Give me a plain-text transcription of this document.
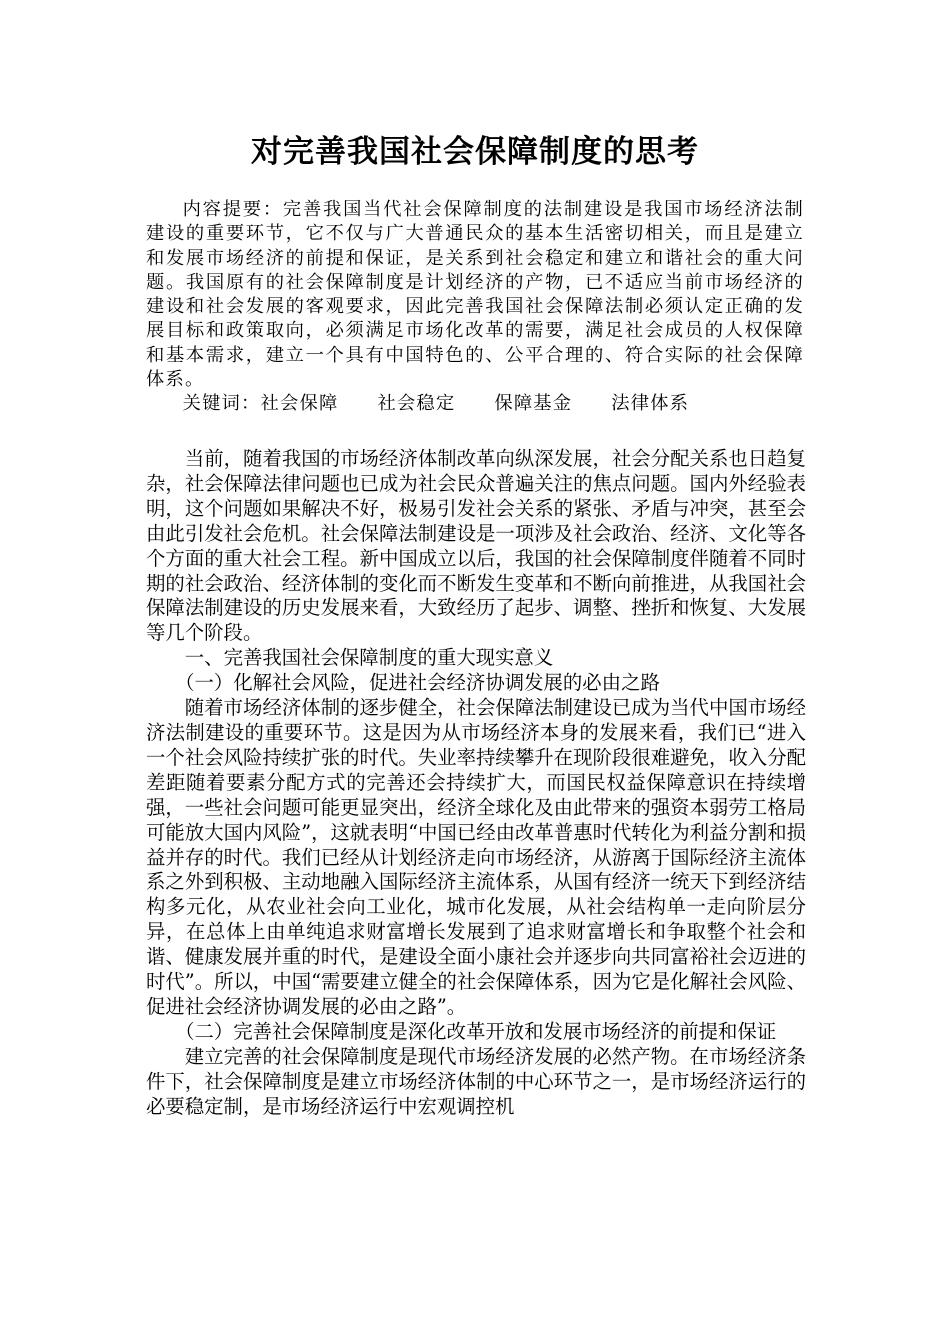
对完善我国社会保障制度的思考

内容提要：完善我国当代社会保障制度的法制建设是我国市场经济法制建设的重要环节，它不仅与广大普通民众的基本生活密切相关，而且是建立和发展市场经济的前提和保证，是关系到社会稳定和建立和谐社会的重大问题。我国原有的社会保障制度是计划经济的产物，已不适应当前市场经济的建设和社会发展的客观要求，因此完善我国社会保障法制必须认定正确的发展目标和政策取向，必须满足市场化改革的需要，满足社会成员的人权保障和基本需求，建立一个具有中国特色的、公平合理的、符合实际的社会保障体系。

关键词：社会保障　　 社会稳定　　 保障基金　　 法律体系

当前，随着我国的市场经济体制改革向纵深发展，社会分配关系也日趋复杂，社会保障法律问题也已成为社会民众普遍关注的焦点问题。国内外经验表明，这个问题如果解决不好，极易引发社会关系的紧张、矛盾与冲突，甚至会由此引发社会危机。社会保障法制建设是一项涉及社会政治、经济、文化等各个方面的重大社会工程。新中国成立以后，我国的社会保障制度伴随着不同时期的社会政治、经济体制的变化而不断发生变革和不断向前推进，从我国社会保障法制建设的历史发展来看，大致经历了起步、调整、挫折和恢复、大发展等几个阶段。

一、完善我国社会保障制度的重大现实意义

（一）化解社会风险，促进社会经济协调发展的必由之路

随着市场经济体制的逐步健全，社会保障法制建设已成为当代中国市场经济法制建设的重要环节。这是因为从市场经济本身的发展来看，我们已“进入一个社会风险持续扩张的时代。失业率持续攀升在现阶段很难避免，收入分配差距随着要素分配方式的完善还会持续扩大，而国民权益保障意识在持续增强，一些社会问题可能更显突出，经济全球化及由此带来的强资本弱劳工格局可能放大国内风险”，这就表明“中国已经由改革普惠时代转化为利益分割和损益并存的时代。我们已经从计划经济走向市场经济，从游离于国际经济主流体系之外到积极、主动地融入国际经济主流体系，从国有经济一统天下到经济结构多元化，从农业社会向工业化，城市化发展，从社会结构单一走向阶层分异，在总体上由单纯追求财富增长发展到了追求财富增长和争取整个社会和谐、健康发展并重的时代，是建设全面小康社会并逐步向共同富裕社会迈进的时代”。所以，中国“需要建立健全的社会保障体系，因为它是化解社会风险、促进社会经济协调发展的必由之路”。

（二）完善社会保障制度是深化改革开放和发展市场经济的前提和保证

建立完善的社会保障制度是现代市场经济发展的必然产物。在市场经济条件下，社会保障制度是建立市场经济体制的中心环节之一，是市场经济运行的必要稳定制，是市场经济运行中宏观调控机
